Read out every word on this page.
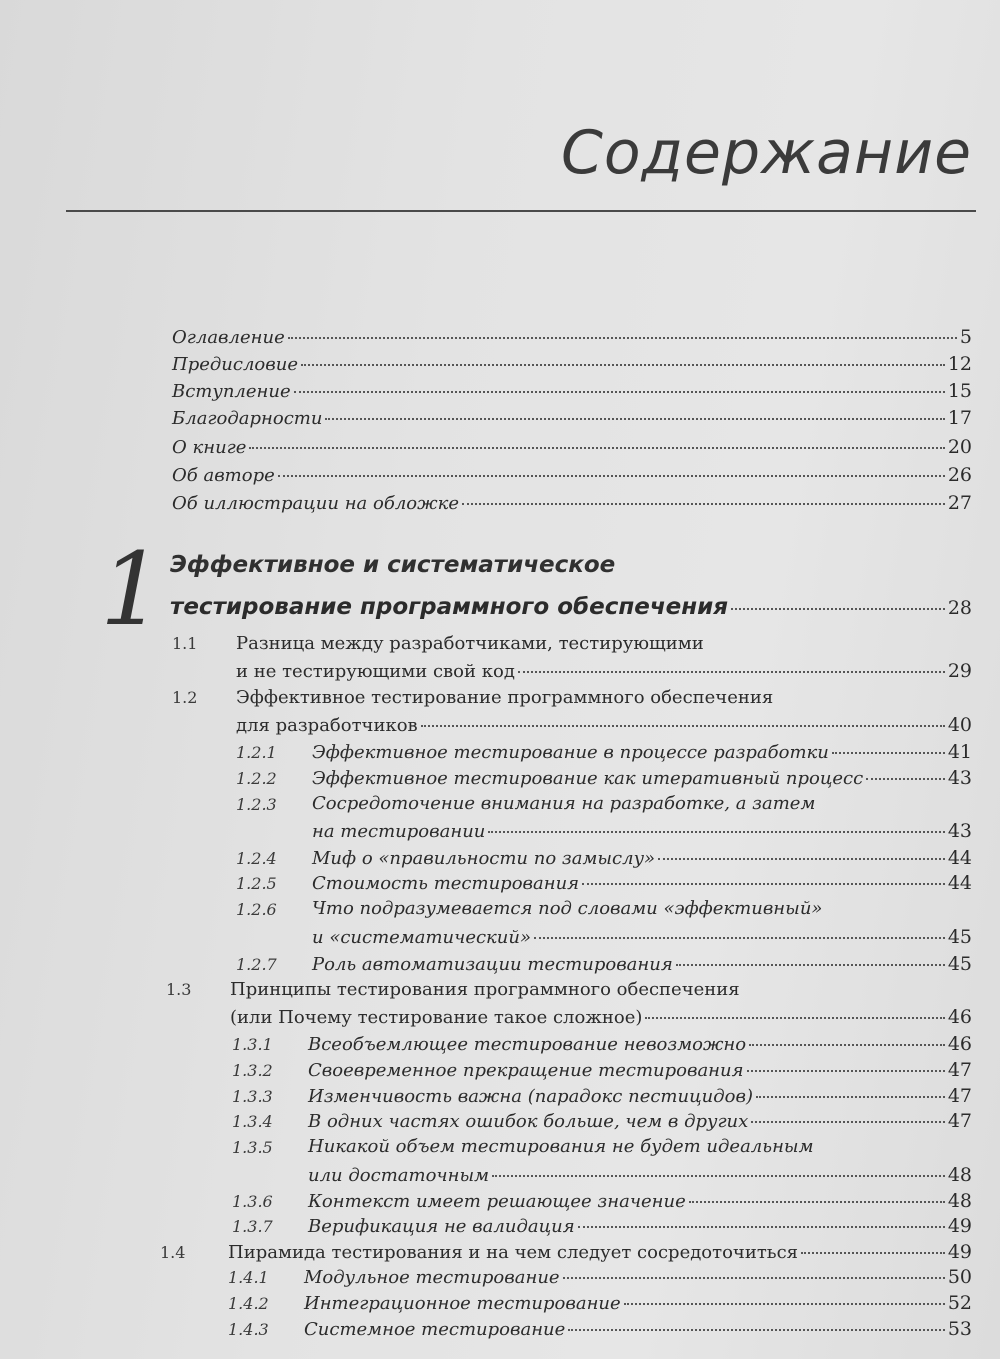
Содержание
Оглавление	5
Предисловие	12
Вступление	15
Благодарности	17
О книге	20
Об авторе	26
Об иллюстрации на обложке	27
1 Эффективное и систематическое
тестирование программного обеспечения	28
1.1 Разница между разработчиками, тестирующими
и не тестирующими свой код	29
1.2 Эффективное тестирование программного обеспечения
для разработчиков	40
1.2.1 Эффективное тестирование в процессе разработки	41
1.2.2 Эффективное тестирование как итеративный процесс	43
1.2.3 Сосредоточение внимания на разработке, а затем
на тестировании	43
1.2.4 Миф о «правильности по замыслу»	44
1.2.5 Стоимость тестирования	44
1.2.6 Что подразумевается под словами «эффективный»
и «систематический»	45
1.2.7 Роль автоматизации тестирования	45
1.3 Принципы тестирования программного обеспечения
(или Почему тестирование такое сложное)	46
1.3.1 Всеобъемлющее тестирование невозможно	46
1.3.2 Своевременное прекращение тестирования	47
1.3.3 Изменчивость важна (парадокс пестицидов)	47
1.3.4 В одних частях ошибок больше, чем в других	47
1.3.5 Никакой объем тестирования не будет идеальным
или достаточным	48
1.3.6 Контекст имеет решающее значение	48
1.3.7 Верификация не валидация	49
1.4 Пирамида тестирования и на чем следует сосредоточиться	49
1.4.1 Модульное тестирование	50
1.4.2 Интеграционное тестирование	52
1.4.3 Системное тестирование	53
